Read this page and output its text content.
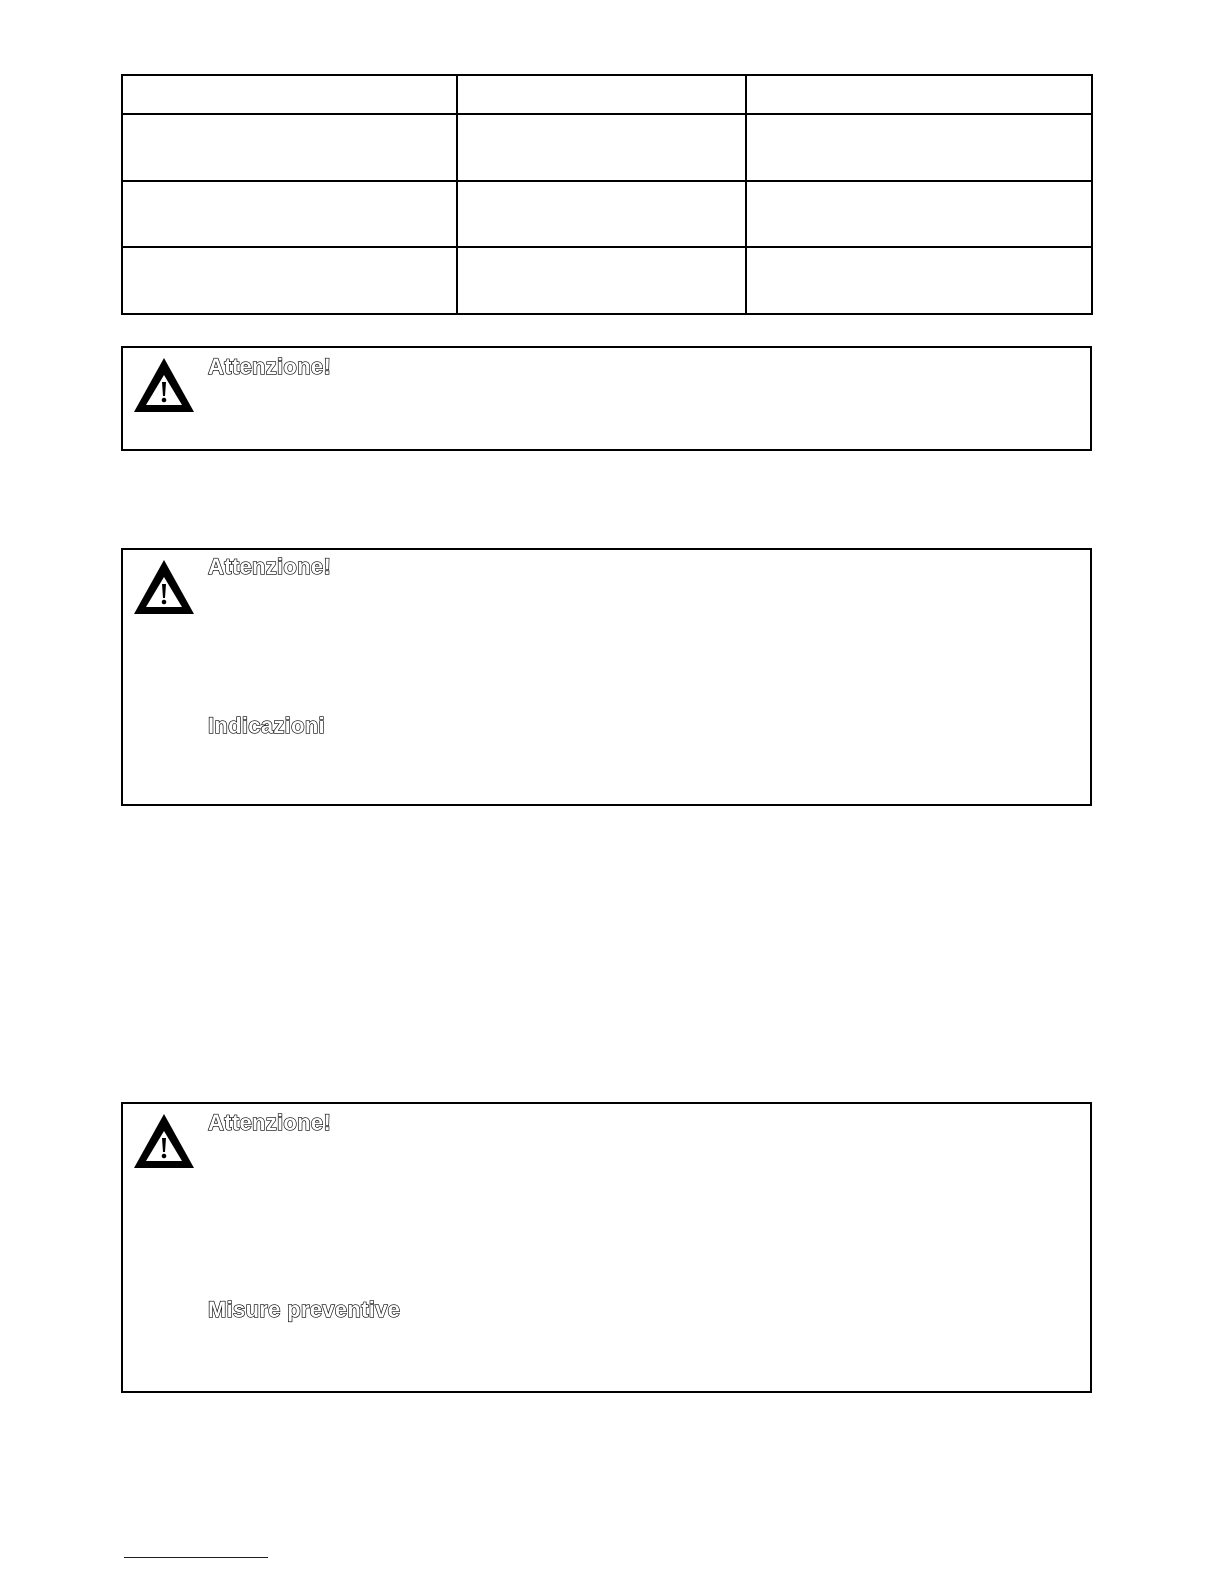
Attenzione!
Attenzione!
Indicazioni
Attenzione!
Misure preventive
